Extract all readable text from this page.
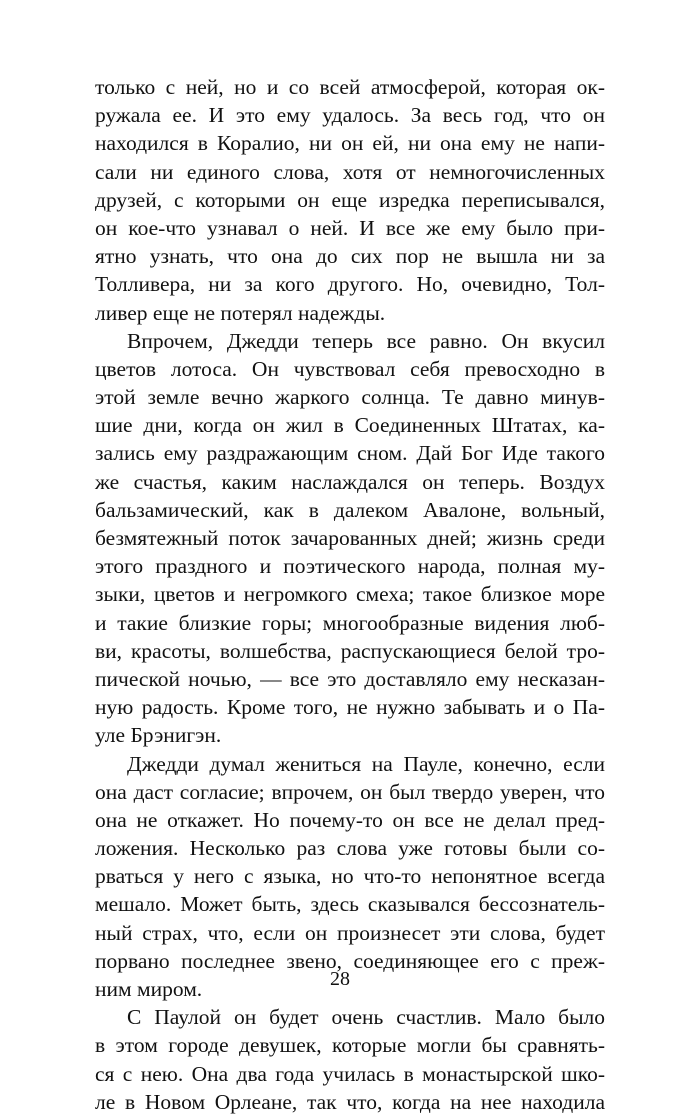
только с ней, но и со всей атмосферой, которая ок-
ружала ее. И это ему удалось. За весь год, что он
находился в Коралио, ни он ей, ни она ему не напи-
сали ни единого слова, хотя от немногочисленных
друзей, с которыми он еще изредка переписывался,
он кое-что узнавал о ней. И все же ему было при-
ятно узнать, что она до сих пор не вышла ни за
Толливера, ни за кого другого. Но, очевидно, Тол-
ливер еще не потерял надежды.
Впрочем, Джедди теперь все равно. Он вкусил
цветов лотоса. Он чувствовал себя превосходно в
этой земле вечно жаркого солнца. Те давно минув-
шие дни, когда он жил в Соединенных Штатах, ка-
зались ему раздражающим сном. Дай Бог Иде такого
же счастья, каким наслаждался он теперь. Воздух
бальзамический, как в далеком Авалоне, вольный,
безмятежный поток зачарованных дней; жизнь среди
этого праздного и поэтического народа, полная му-
зыки, цветов и негромкого смеха; такое близкое море
и такие близкие горы; многообразные видения люб-
ви, красоты, волшебства, распускающиеся белой тро-
пической ночью, — все это доставляло ему несказан-
ную радость. Кроме того, не нужно забывать и о Па-
уле Брэнигэн.
Джедди думал жениться на Пауле, конечно, если
она даст согласие; впрочем, он был твердо уверен, что
она не откажет. Но почему-то он все не делал пред-
ложения. Несколько раз слова уже готовы были со-
рваться у него с языка, но что-то непонятное всегда
мешало. Может быть, здесь сказывался бессознатель-
ный страх, что, если он произнесет эти слова, будет
порвано последнее звено, соединяющее его с преж-
ним миром.
С Паулой он будет очень счастлив. Мало было
в этом городе девушек, которые могли бы сравнять-
ся с нею. Она два года училась в монастырской шко-
ле в Новом Орлеане, так что, когда на нее находила
28
